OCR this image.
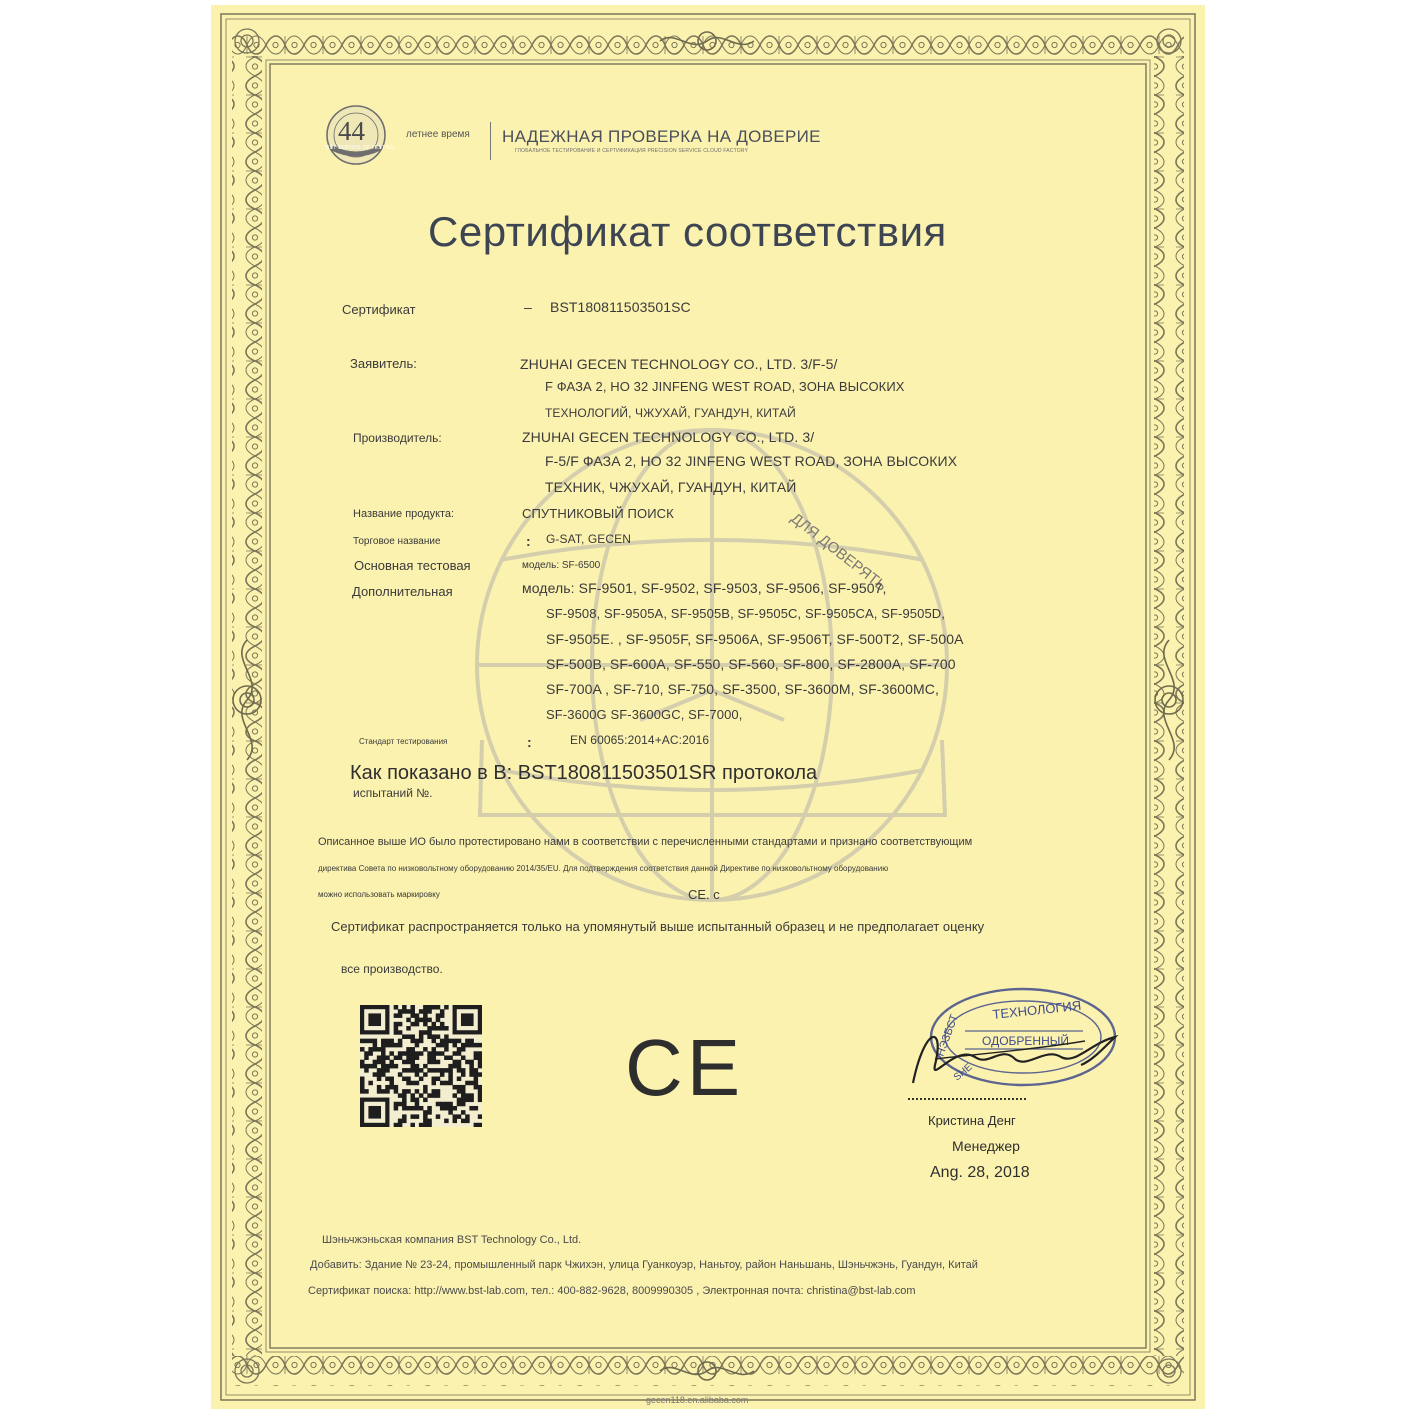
ДЛЯ ДОВЕРЯТЬ
44
BST SERVICE OF TESTING
летнее время НАДЕЖНАЯ ПРОВЕРКА НА ДОВЕРИЕ
ГЛОБАЛЬНОЕ ТЕСТИРОВАНИЕ И СЕРТИФИКАЦИЯ PRECISION SERVICE CLOUD FACTORY
Сертификат соответствия
Сертификат	– BST180811503501SC
Заявитель:	ZHUHAI GECEN TECHNOLOGY CO., LTD. 3/F-5/
F ФАЗА 2, НО 32 JINFENG WEST ROAD, ЗОНА ВЫСОКИХ
ТЕХНОЛОГИЙ, ЧЖУХАЙ, ГУАНДУН, КИТАЙ
Производитель:	ZHUHAI GECEN TECHNOLOGY CO., LTD. 3/
F-5/F ФАЗА 2, НО 32 JINFENG WEST ROAD, ЗОНА ВЫСОКИХ
ТЕХНИК, ЧЖУХАЙ, ГУАНДУН, КИТАЙ
Название продукта:	СПУТНИКОВЫЙ ПОИСК
Торговое название	: G-SAT, GECEN
Основная тестовая	модель: SF-6500
Дополнительная	модель: SF-9501, SF-9502, SF-9503, SF-9506, SF-9507,
SF-9508, SF-9505A, SF-9505B, SF-9505C, SF-9505CA, SF-9505D,
SF-9505E. , SF-9505F, SF-9506A, SF-9506T, SF-500T2, SF-500A
SF-500B, SF-600A, SF-550, SF-560, SF-800, SF-2800A, SF-700
SF-700A , SF-710, SF-750, SF-3500, SF-3600M, SF-3600MC,
SF-3600G SF-3600GC, SF-7000,
Стандарт тестирования	:	EN 60065:2014+AC:2016
Как показано в В: BST180811503501SR протокола
испытаний №.
Описанное выше ИО было протестировано нами в соответствии с перечисленными стандартами и признано соответствующим
директива Совета по низковольтному оборудованию 2014/35/EU. Для подтверждения соответствия данной Директиве по низковольтному оборудованию
можно использовать маркировку	CE. с
Сертификат распространяется только на упомянутый выше испытанный образец и не предполагает оценку
все производство.
CE
ТЕХНОЛОГИЯ
ОДОБРЕННЫЙ
НЭЗБСТ
SHE
Кристина Денг
Менеджер
Ang. 28, 2018
Шэньчжэньская компания BST Technology Co., Ltd.
Добавить: Здание № 23-24, промышленный парк Чжихэн, улица Гуанкоуэр, Наньтоу, район Наньшань, Шэньчжэнь, Гуандун, Китай
Сертификат поиска: http://www.bst-lab.com, тел.: 400-882-9628, 8009990305 , Электронная почта: christina@bst-lab.com
gecen118.en.alibaba.com
